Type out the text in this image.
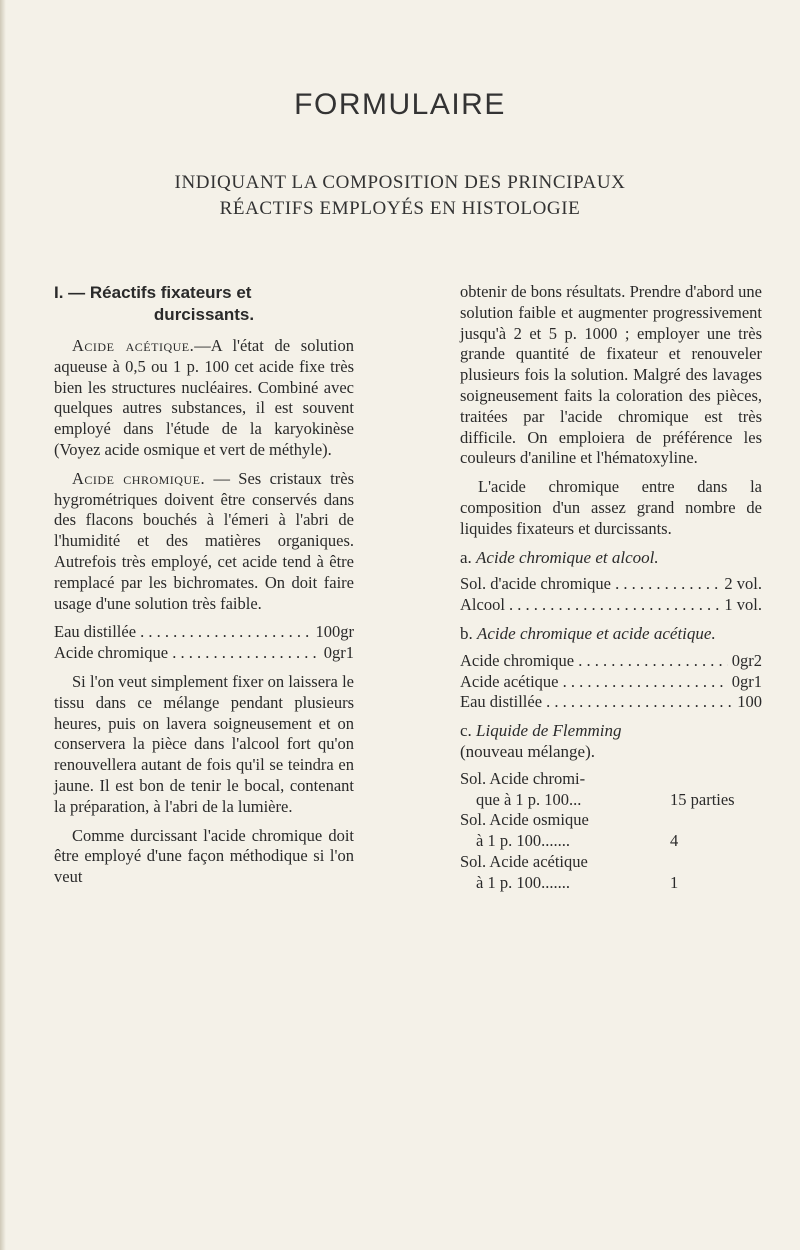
FORMULAIRE
INDIQUANT LA COMPOSITION DES PRINCIPAUX
RÉACTIFS EMPLOYÉS EN HISTOLOGIE
I. — Réactifs fixateurs et
durcissants.

Acide acétique.—A l'état de solution aqueuse à 0,5 ou 1 p. 100 cet acide fixe très bien les structures nucléaires. Combiné avec quelques autres substances, il est souvent employé dans l'étude de la karyokinèse (Voyez acide osmique et vert de méthyle).

Acide chromique. — Ses cristaux très hygrométriques doivent être conservés dans des flacons bouchés à l'émeri à l'abri de l'humidité et des matières organiques. Autrefois très employé, cet acide tend à être remplacé par les bichromates. On doit faire usage d'une solution très faible.

Eau distillée . . .	100gr
Acide chromique . . .	0gr1

Si l'on veut simplement fixer on laissera le tissu dans ce mélange pendant plusieurs heures, puis on lavera soigneusement et on conservera la pièce dans l'alcool fort qu'on renouvellera autant de fois qu'il se teindra en jaune. Il est bon de tenir le bocal, contenant la préparation, à l'abri de la lumière.

Comme durcissant l'acide chromique doit être employé d'une façon méthodique si l'on veut

obtenir de bons résultats. Prendre d'abord une solution faible et augmenter progressivement jusqu'à 2 et 5 p. 1000 ; employer une très grande quantité de fixateur et renouveler plusieurs fois la solution. Malgré des lavages soigneusement faits la coloration des pièces, traitées par l'acide chromique est très difficile. On emploiera de préférence les couleurs d'aniline et l'hématoxyline.

L'acide chromique entre dans la composition d'un assez grand nombre de liquides fixateurs et durcissants.

a. Acide chromique et alcool.
Sol. d'acide chromique . . .	2 vol.
Alcool . . .	1 vol.
b. Acide chromique et acide acétique.
Acide chromique . . .	0gr2
Acide acétique . . .	0gr1
Eau distillée . . .	100
c. Liquide de Flemming
(nouveau mélange).
Sol. Acide chromi-
que à 1 p. 100...	15 parties
Sol. Acide osmique
à 1 p. 100.......	4
Sol. Acide acétique
à 1 p. 100.......	1
